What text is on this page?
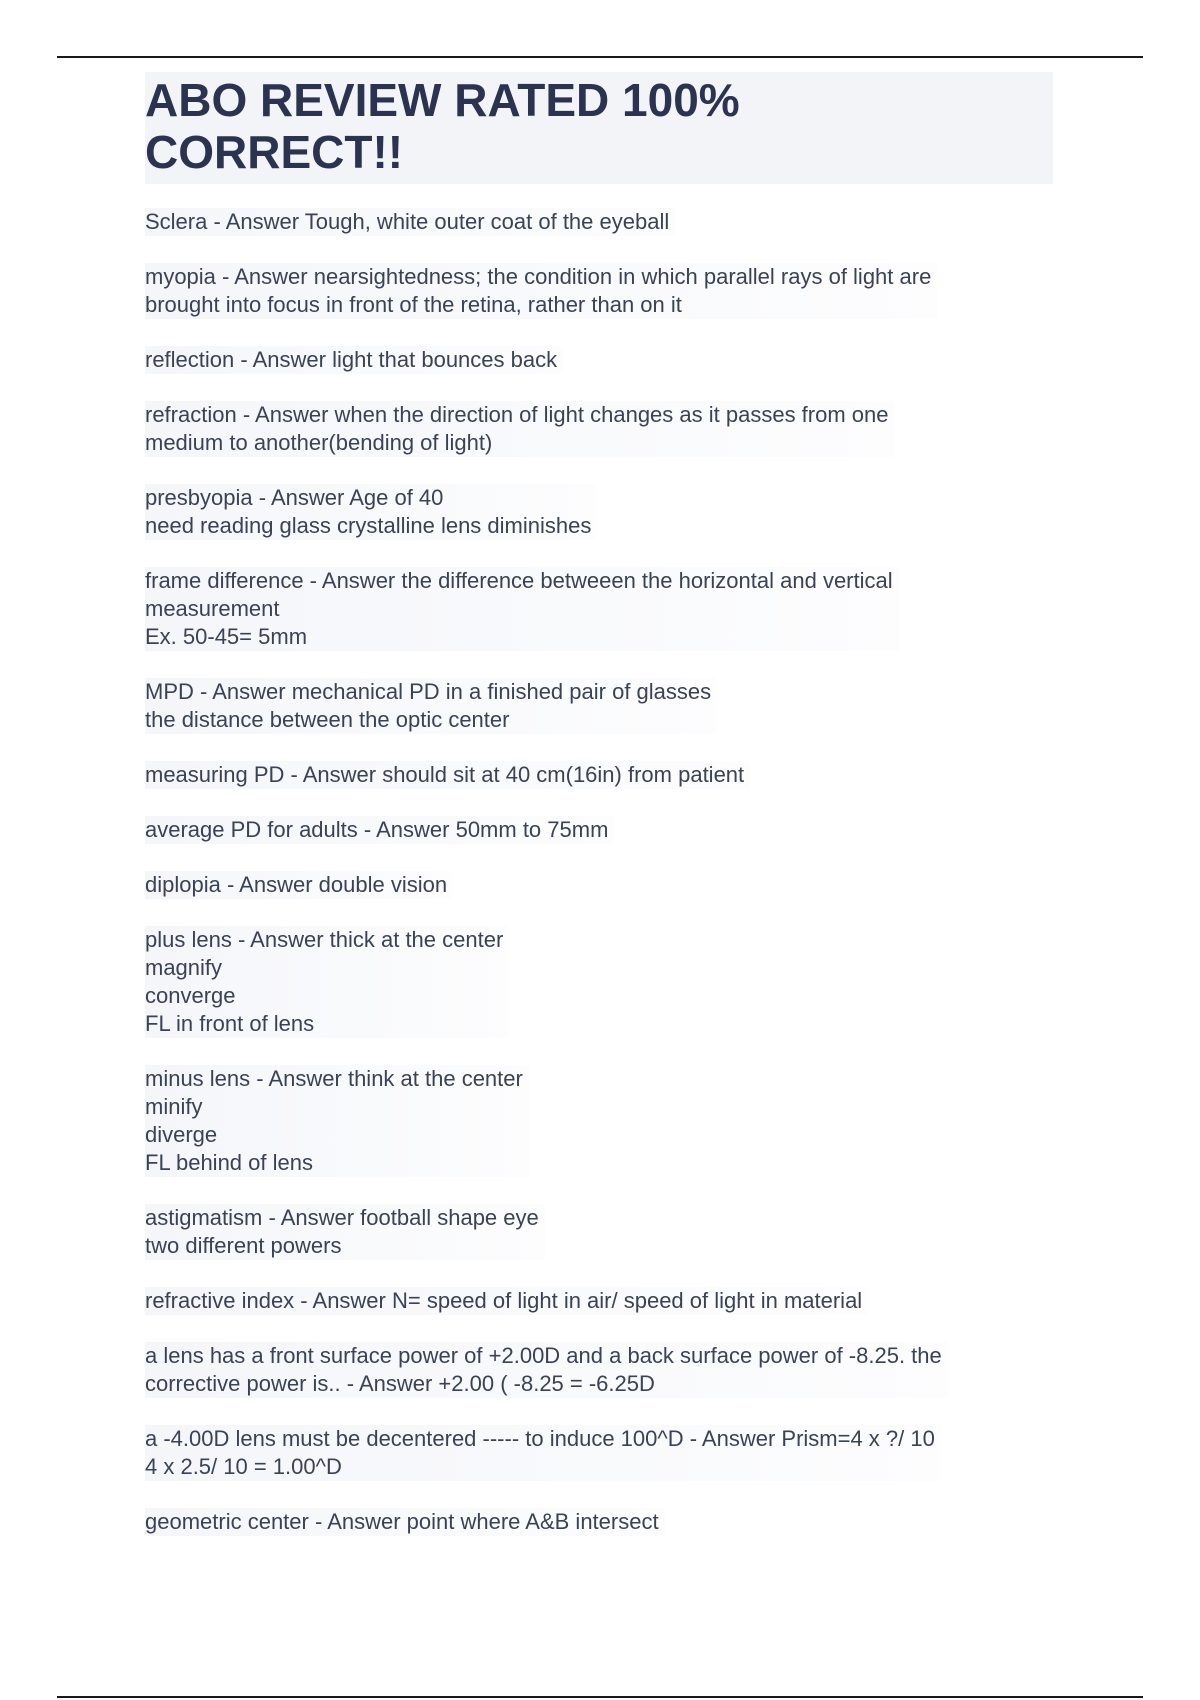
ABO REVIEW RATED 100% CORRECT!!
Sclera - Answer Tough, white outer coat of the eyeball
myopia - Answer nearsightedness; the condition in which parallel rays of light are
brought into focus in front of the retina, rather than on it
reflection - Answer light that bounces back
refraction - Answer when the direction of light changes as it passes from one
medium to another(bending of light)
presbyopia - Answer Age of 40
need reading glass crystalline lens diminishes
frame difference - Answer the difference betweeen the horizontal and vertical
measurement
Ex. 50-45= 5mm
MPD - Answer mechanical PD in a finished pair of glasses
the distance between the optic center
measuring PD - Answer should sit at 40 cm(16in) from patient
average PD for adults - Answer 50mm to 75mm
diplopia - Answer double vision
plus lens - Answer thick at the center
magnify
converge
FL in front of lens
minus lens - Answer think at the center
minify
diverge
FL behind of lens
astigmatism - Answer football shape eye
two different powers
refractive index - Answer N= speed of light in air/ speed of light in material
a lens has a front surface power of +2.00D and a back surface power of -8.25. the
corrective power is.. - Answer +2.00 ( -8.25 = -6.25D
a -4.00D lens must be decentered ----- to induce 100^D - Answer Prism=4 x ?/ 10
4 x 2.5/ 10 = 1.00^D
geometric center - Answer point where A&B intersect
